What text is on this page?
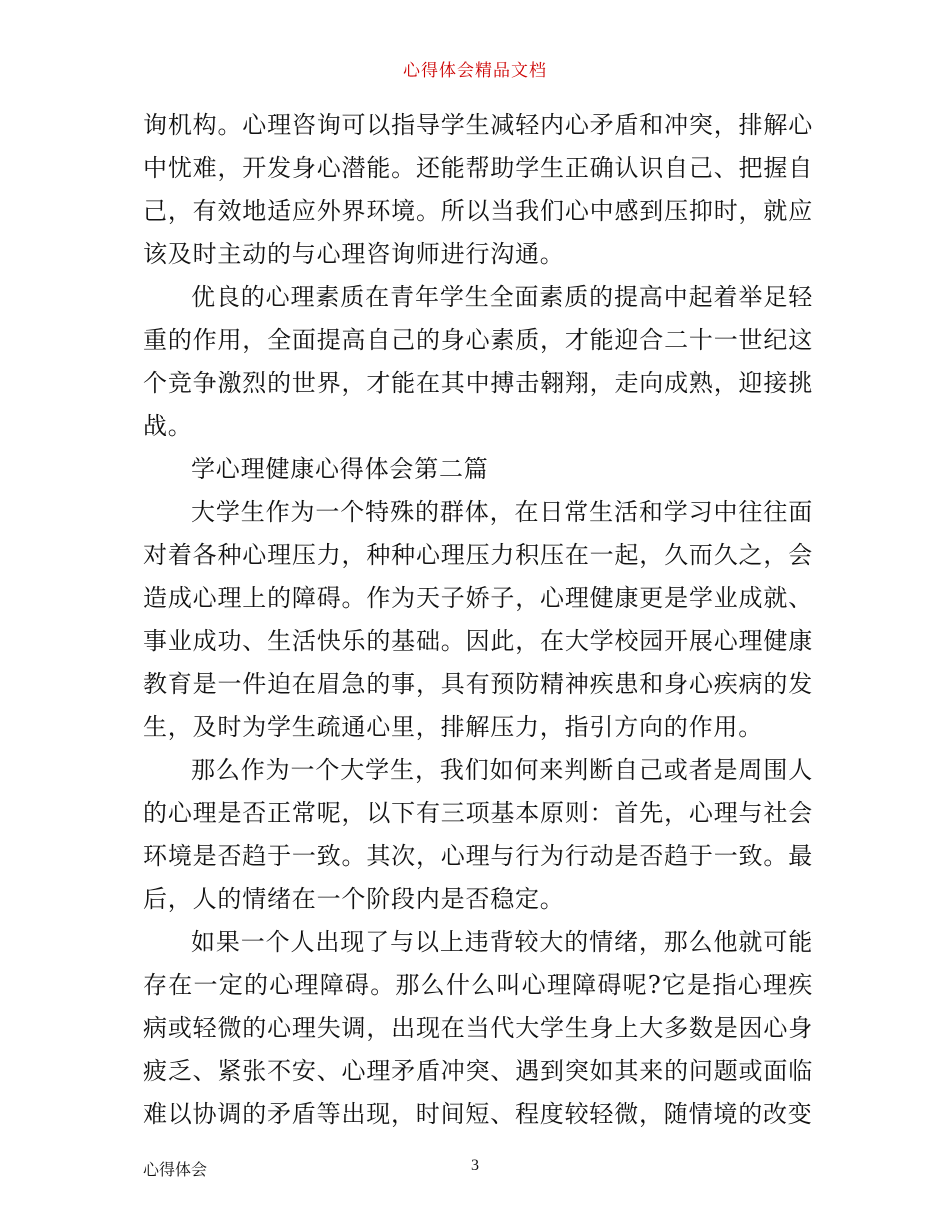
心得体会精品文档

询机构。心理咨询可以指导学生减轻内心矛盾和冲突，排解心中忧难，开发身心潜能。还能帮助学生正确认识自己、把握自己，有效地适应外界环境。所以当我们心中感到压抑时，就应该及时主动的与心理咨询师进行沟通。

优良的心理素质在青年学生全面素质的提高中起着举足轻重的作用，全面提高自己的身心素质，才能迎合二十一世纪这个竞争激烈的世界，才能在其中搏击翱翔，走向成熟，迎接挑战。

学心理健康心得体会第二篇

大学生作为一个特殊的群体，在日常生活和学习中往往面对着各种心理压力，种种心理压力积压在一起，久而久之，会造成心理上的障碍。作为天子娇子，心理健康更是学业成就、事业成功、生活快乐的基础。因此，在大学校园开展心理健康教育是一件迫在眉急的事，具有预防精神疾患和身心疾病的发生，及时为学生疏通心里，排解压力，指引方向的作用。

那么作为一个大学生，我们如何来判断自己或者是周围人的心理是否正常呢，以下有三项基本原则：首先，心理与社会环境是否趋于一致。其次，心理与行为行动是否趋于一致。最后，人的情绪在一个阶段内是否稳定。

如果一个人出现了与以上违背较大的情绪，那么他就可能存在一定的心理障碍。那么什么叫心理障碍呢?它是指心理疾病或轻微的心理失调，出现在当代大学生身上大多数是因心身疲乏、紧张不安、心理矛盾冲突、遇到突如其来的问题或面临难以协调的矛盾等出现，时间短、程度较轻微，随情境的改变

心得体会	3
